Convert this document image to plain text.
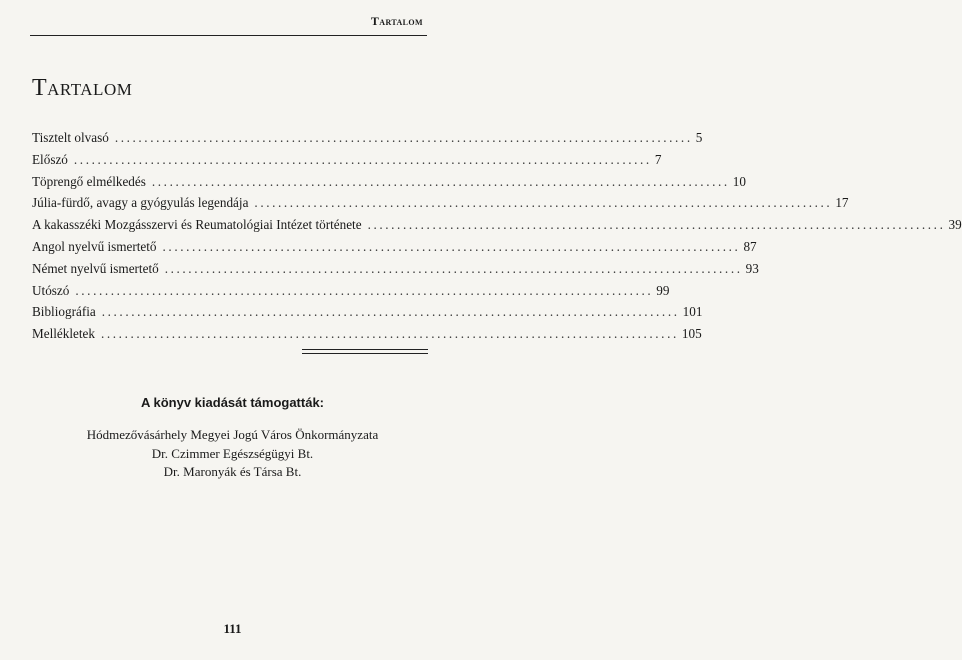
Tartalom
Tartalom
Tisztelt olvasó .................................................................................................. 5
Előszó .................................................................................................. 7
Töprengő elmélkedés .................................................................................................. 10
Júlia-fürdő, avagy a gyógyulás legendája .................................................................................................. 17
A kakasszéki Mozgásszervi és Reumatológiai Intézet története .................................................................................................. 39
Angol nyelvű ismertető .................................................................................................. 87
Német nyelvű ismertető .................................................................................................. 93
Utószó .................................................................................................. 99
Bibliográfia .................................................................................................. 101
Mellékletek .................................................................................................. 105
A könyv kiadását támogatták:
Hódmezővásárhely Megyei Jogú Város Önkormányzata
Dr. Czimmer Egészségügyi Bt.
Dr. Maronyák és Társa Bt.
111
